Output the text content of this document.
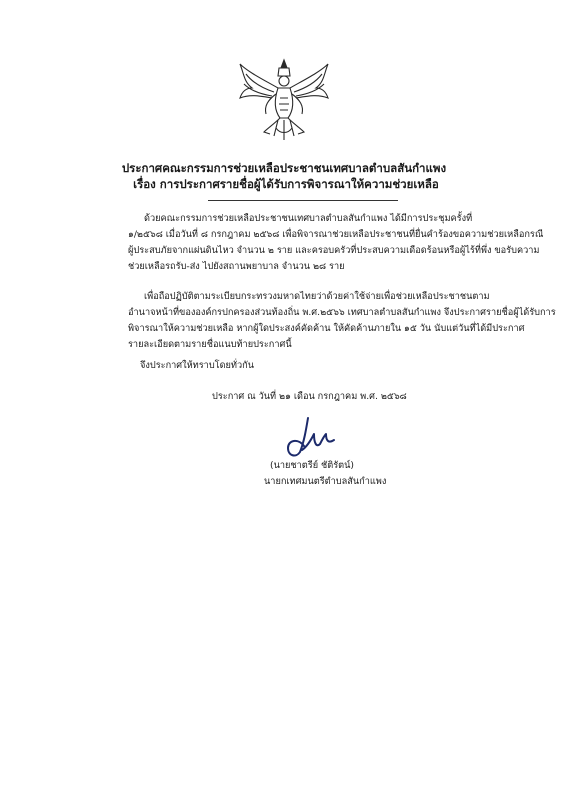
ประกาศคณะกรรมการช่วยเหลือประชาชนเทศบาลตำบลสันกำแพง
เรื่อง การประกาศรายชื่อผู้ได้รับการพิจารณาให้ความช่วยเหลือ
ด้วยคณะกรรมการช่วยเหลือประชาชนเทศบาลตำบลสันกำแพง ได้มีการประชุมครั้งที่
๑/๒๕๖๘ เมื่อวันที่ ๘ กรกฎาคม ๒๕๖๘ เพื่อพิจารณาช่วยเหลือประชาชนที่ยื่นคำร้องขอความช่วยเหลือกรณี
ผู้ประสบภัยจากแผ่นดินไหว จำนวน ๒ ราย และครอบครัวที่ประสบความเดือดร้อนหรือผู้ไร้ที่พึ่ง ขอรับความ
ช่วยเหลือรถรับ-ส่ง ไปยังสถานพยาบาล จำนวน ๒๘ ราย
เพื่อถือปฏิบัติตามระเบียบกระทรวงมหาดไทยว่าด้วยค่าใช้จ่ายเพื่อช่วยเหลือประชาชนตาม
อำนาจหน้าที่ขององค์กรปกครองส่วนท้องถิ่น พ.ศ.๒๕๖๖ เทศบาลตำบลสันกำแพง จึงประกาศรายชื่อผู้ได้รับการ
พิจารณาให้ความช่วยเหลือ หากผู้ใดประสงค์คัดค้าน ให้คัดค้านภายใน ๑๕ วัน นับแต่วันที่ได้มีประกาศ
รายละเอียดตามรายชื่อแนบท้ายประกาศนี้
จึงประกาศให้ทราบโดยทั่วกัน
ประกาศ ณ วันที่ ๒๑ เดือน กรกฎาคม พ.ศ. ๒๕๖๘
(นายชาตรีย์ ชัติรัตน์)
นายกเทศมนตรีตำบลสันกำแพง
